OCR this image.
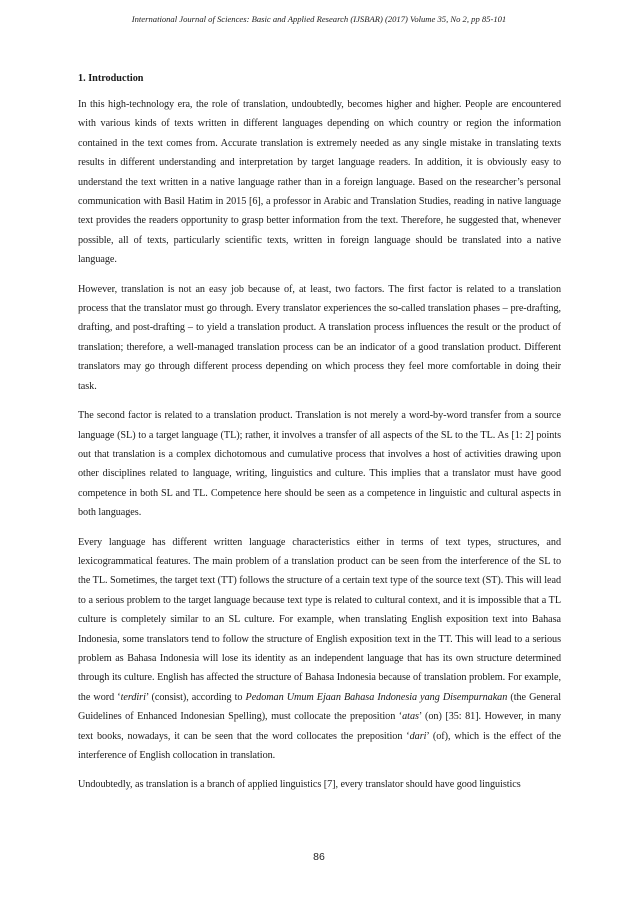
International Journal of Sciences: Basic and Applied Research (IJSBAR) (2017) Volume 35, No 2, pp 85-101
1. Introduction

In this high-technology era, the role of translation, undoubtedly, becomes higher and higher. People are encountered with various kinds of texts written in different languages depending on which country or region the information contained in the text comes from. Accurate translation is extremely needed as any single mistake in translating texts results in different understanding and interpretation by target language readers. In addition, it is obviously easy to understand the text written in a native language rather than in a foreign language. Based on the researcher’s personal communication with Basil Hatim in 2015 [6], a professor in Arabic and Translation Studies, reading in native language text provides the readers opportunity to grasp better information from the text. Therefore, he suggested that, whenever possible, all of texts, particularly scientific texts, written in foreign language should be translated into a native language.

However, translation is not an easy job because of, at least, two factors. The first factor is related to a translation process that the translator must go through. Every translator experiences the so-called translation phases – pre-drafting, drafting, and post-drafting – to yield a translation product. A translation process influences the result or the product of translation; therefore, a well-managed translation process can be an indicator of a good translation product. Different translators may go through different process depending on which process they feel more comfortable in doing their task.

The second factor is related to a translation product. Translation is not merely a word-by-word transfer from a source language (SL) to a target language (TL); rather, it involves a transfer of all aspects of the SL to the TL. As [1: 2] points out that translation is a complex dichotomous and cumulative process that involves a host of activities drawing upon other disciplines related to language, writing, linguistics and culture. This implies that a translator must have good competence in both SL and TL. Competence here should be seen as a competence in linguistic and cultural aspects in both languages.

Every language has different written language characteristics either in terms of text types, structures, and lexicogrammatical features. The main problem of a translation product can be seen from the interference of the SL to the TL. Sometimes, the target text (TT) follows the structure of a certain text type of the source text (ST). This will lead to a serious problem to the target language because text type is related to cultural context, and it is impossible that a TL culture is completely similar to an SL culture. For example, when translating English exposition text into Bahasa Indonesia, some translators tend to follow the structure of English exposition text in the TT. This will lead to a serious problem as Bahasa Indonesia will lose its identity as an independent language that has its own structure determined through its culture. English has affected the structure of Bahasa Indonesia because of translation problem. For example, the word ‘terdiri’ (consist), according to Pedoman Umum Ejaan Bahasa Indonesia yang Disempurnakan (the General Guidelines of Enhanced Indonesian Spelling), must collocate the preposition ‘atas’ (on) [35: 81]. However, in many text books, nowadays, it can be seen that the word collocates the preposition ‘dari’ (of), which is the effect of the interference of English collocation in translation.

Undoubtedly, as translation is a branch of applied linguistics [7], every translator should have good linguistics

86
